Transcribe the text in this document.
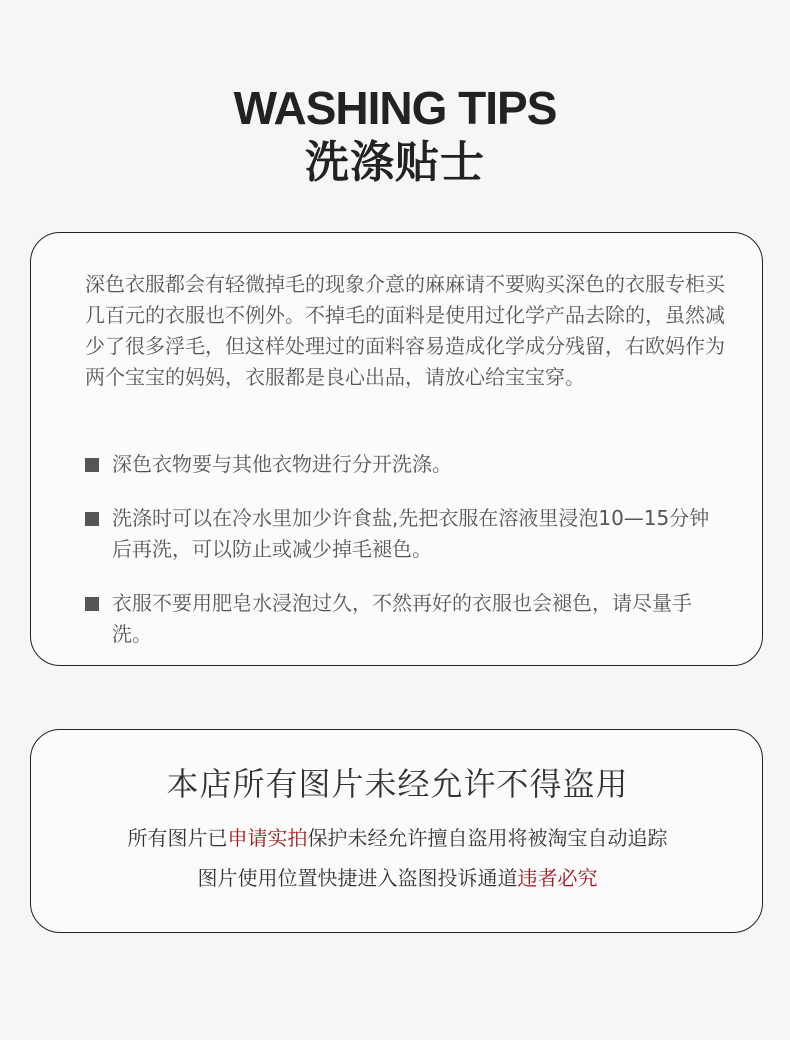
WASHING TIPS
洗涤贴士

深色衣服都会有轻微掉毛的现象介意的麻麻请不要购买深色的衣服专柜买几百元的衣服也不例外。不掉毛的面料是使用过化学产品去除的，虽然减少了很多浮毛，但这样处理过的面料容易造成化学成分残留，右欧妈作为两个宝宝的妈妈，衣服都是良心出品，请放心给宝宝穿。

深色衣物要与其他衣物进行分开洗涤。
洗涤时可以在冷水里加少许食盐,先把衣服在溶液里浸泡10—15分钟后再洗，可以防止或减少掉毛褪色。
衣服不要用肥皂水浸泡过久，不然再好的衣服也会褪色，请尽量手洗。
本店所有图片未经允许不得盗用
所有图片已申请实拍保护未经允许擅自盗用将被淘宝自动追踪
图片使用位置快捷进入盗图投诉通道违者必究
